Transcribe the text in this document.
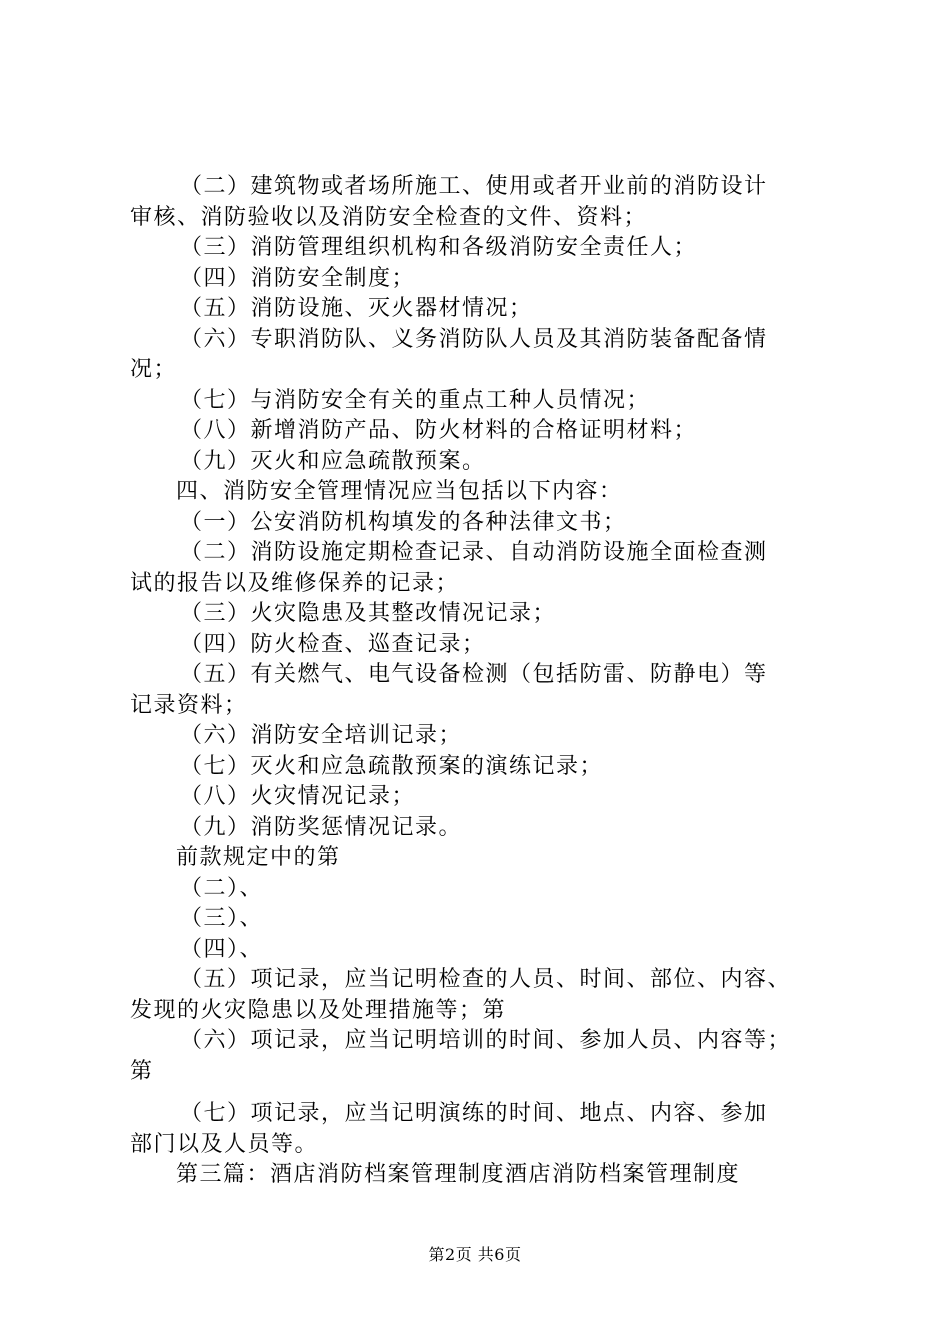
（二）建筑物或者场所施工、使用或者开业前的消防设计
审核、消防验收以及消防安全检查的文件、资料；
（三）消防管理组织机构和各级消防安全责任人；
（四）消防安全制度；
（五）消防设施、灭火器材情况；
（六）专职消防队、义务消防队人员及其消防装备配备情
况；
（七）与消防安全有关的重点工种人员情况；
（八）新增消防产品、防火材料的合格证明材料；
（九）灭火和应急疏散预案。
四、消防安全管理情况应当包括以下内容：
（一）公安消防机构填发的各种法律文书；
（二）消防设施定期检查记录、自动消防设施全面检查测
试的报告以及维修保养的记录；
（三）火灾隐患及其整改情况记录；
（四）防火检查、巡查记录；
（五）有关燃气、电气设备检测（包括防雷、防静电）等
记录资料；
（六）消防安全培训记录；
（七）灭火和应急疏散预案的演练记录；
（八）火灾情况记录；
（九）消防奖惩情况记录。
前款规定中的第
（二）、
（三）、
（四）、
（五）项记录，应当记明检查的人员、时间、部位、内容、
发现的火灾隐患以及处理措施等；第
（六）项记录，应当记明培训的时间、参加人员、内容等；
第
（七）项记录，应当记明演练的时间、地点、内容、参加
部门以及人员等。
第三篇：酒店消防档案管理制度酒店消防档案管理制度
第2页 共6页
